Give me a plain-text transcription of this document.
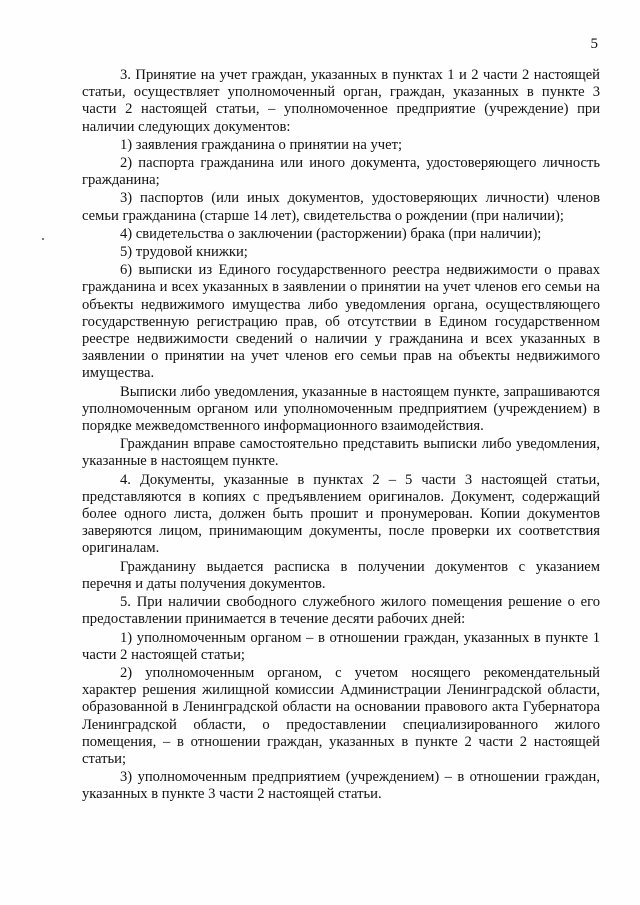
5

3. Принятие на учет граждан, указанных в пунктах 1 и 2 части 2 настоящей статьи, осуществляет уполномоченный орган, граждан, указанных в пункте 3 части 2 настоящей статьи, – уполномоченное предприятие (учреждение) при наличии следующих документов:

1) заявления гражданина о принятии на учет;

2) паспорта гражданина или иного документа, удостоверяющего личность гражданина;

3) паспортов (или иных документов, удостоверяющих личности) членов семьи гражданина (старше 14 лет), свидетельства о рождении (при наличии);

4) свидетельства о заключении (расторжении) брака (при наличии);

5) трудовой книжки;

6) выписки из Единого государственного реестра недвижимости о правах гражданина и всех указанных в заявлении о принятии на учет членов его семьи на объекты недвижимого имущества либо уведомления органа, осуществляющего государственную регистрацию прав, об отсутствии в Едином государственном реестре недвижимости сведений о наличии у гражданина и всех указанных в заявлении о принятии на учет членов его семьи прав на объекты недвижимого имущества.

Выписки либо уведомления, указанные в настоящем пункте, запрашиваются уполномоченным органом или уполномоченным предприятием (учреждением) в порядке межведомственного информационного взаимодействия.

Гражданин вправе самостоятельно представить выписки либо уведомления, указанные в настоящем пункте.

4. Документы, указанные в пунктах 2 – 5 части 3 настоящей статьи, представляются в копиях с предъявлением оригиналов. Документ, содержащий более одного листа, должен быть прошит и пронумерован. Копии документов заверяются лицом, принимающим документы, после проверки их соответствия оригиналам.

Гражданину выдается расписка в получении документов с указанием перечня и даты получения документов.

5. При наличии свободного служебного жилого помещения решение о его предоставлении принимается в течение десяти рабочих дней:

1) уполномоченным органом – в отношении граждан, указанных в пункте 1 части 2 настоящей статьи;

2) уполномоченным органом, с учетом носящего рекомендательный характер решения жилищной комиссии Администрации Ленинградской области, образованной в Ленинградской области на основании правового акта Губернатора Ленинградской области, о предоставлении специализированного жилого помещения, – в отношении граждан, указанных в пункте 2 части 2 настоящей статьи;

3) уполномоченным предприятием (учреждением) – в отношении граждан, указанных в пункте 3 части 2 настоящей статьи.
